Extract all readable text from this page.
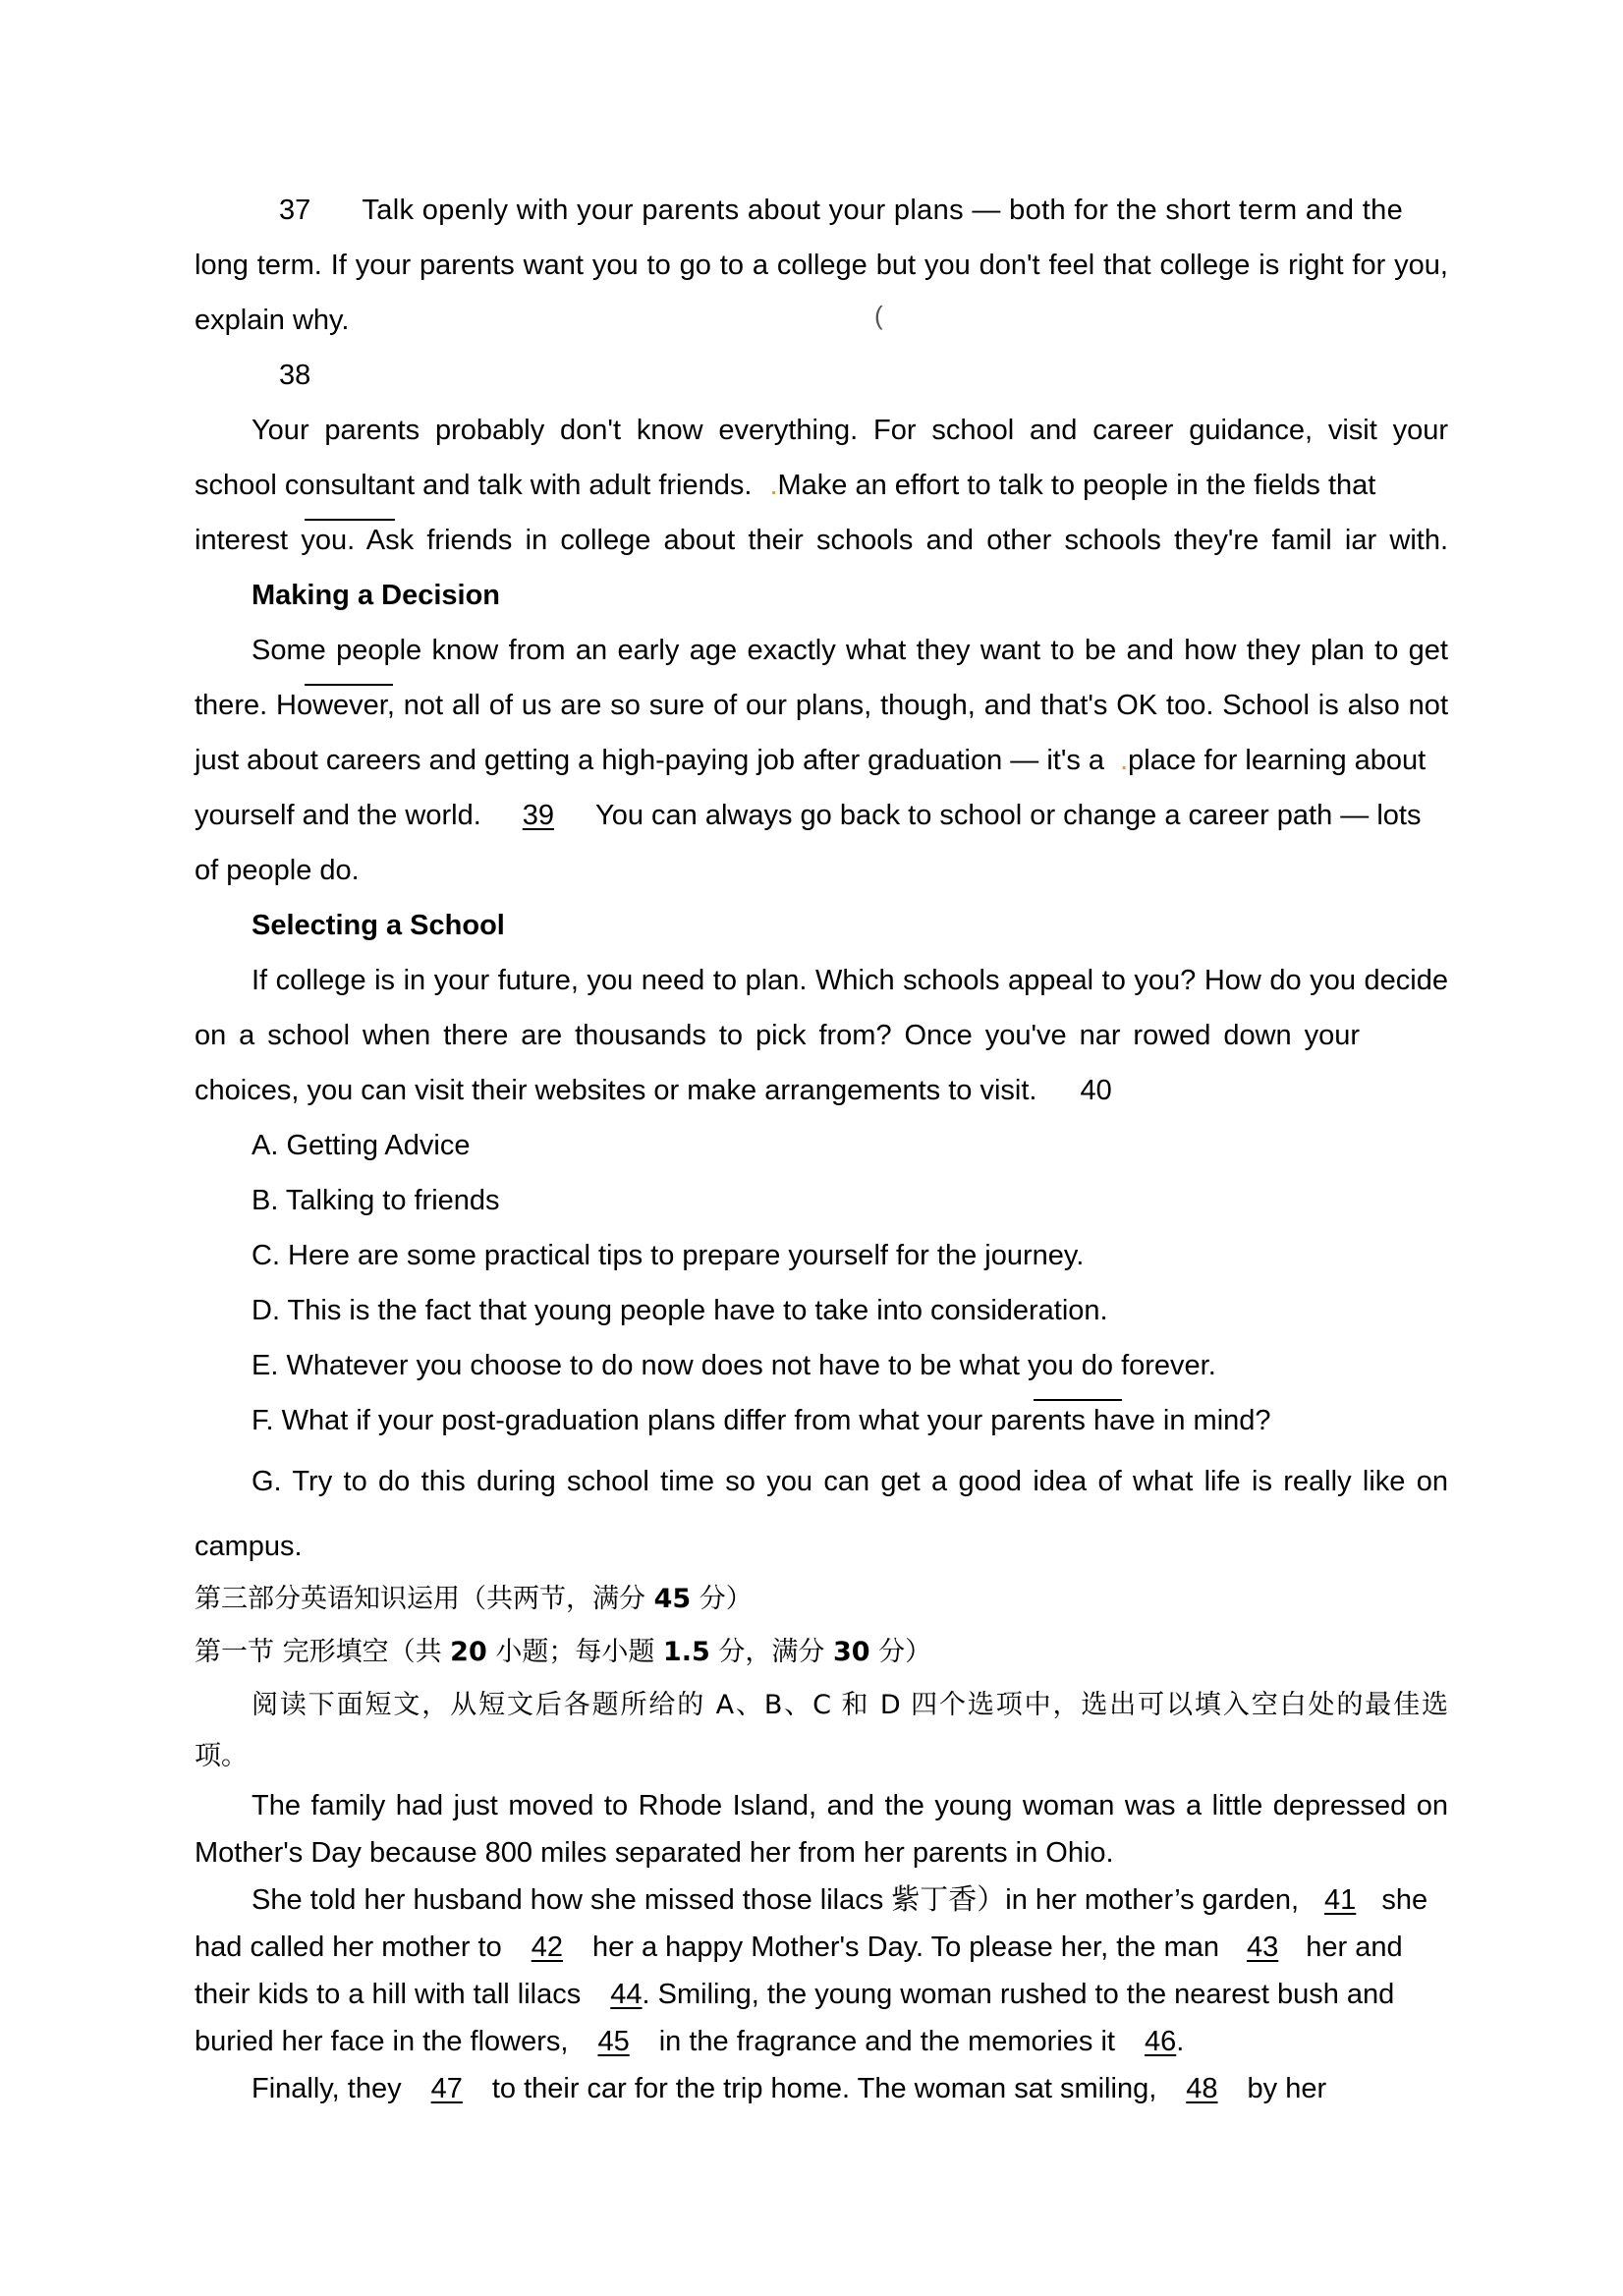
37 Talk openly with your parents about your plans — both for the short term and the
long term. If your parents want you to go to a college but you don't feel that college is right for you,
explain why.	(
38
Your parents probably don't know everything. For school and career guidance, visit your
school consultant and talk with adult friends. .Make an effort to talk to people in the fields that
interest you. Ask friends in college about their schools and other schools they're famil iar with.
Making a Decision
Some people know from an early age exactly what they want to be and how they plan to get
there. However, not all of us are so sure of our plans, though, and that's OK too. School is also not
just about careers and getting a high-paying job after graduation — it's a .place for learning about
yourself and the world. 39 You can always go back to school or change a career path — lots
of people do.
Selecting a School
If college is in your future, you need to plan. Which schools appeal to you? How do you decide
on a school when there are thousands to pick from? Once you've nar rowed down your
choices, you can visit their websites or make arrangements to visit. 40
A. Getting Advice
B. Talking to friends
C. Here are some practical tips to prepare yourself for the journey.
D. This is the fact that young people have to take into consideration.
E. Whatever you choose to do now does not have to be what you do forever.
F. What if your post-graduation plans differ from what your parents have in mind?
G. Try to do this during school time so you can get a good idea of what life is really like on
campus.
第三部分英语知识运用（共两节，满分 45 分）
第一节 完形填空（共 20 小题；每小题 1.5 分，满分 30 分）
阅读下面短文，从短文后各题所给的 A、B、C 和 D 四个选项中，选出可以填入空白处的最佳选
项。
The family had just moved to Rhode Island, and the young woman was a little depressed on
Mother's Day because 800 miles separated her from her parents in Ohio.
She told her husband how she missed those lilacs 紫丁香）in her mother’s garden, 41 she
had called her mother to 42 her a happy Mother's Day. To please her, the man 43 her and
their kids to a hill with tall lilacs 44. Smiling, the young woman rushed to the nearest bush and
buried her face in the flowers, 45 in the fragrance and the memories it 46.
Finally, they 47 to their car for the trip home. The woman sat smiling, 48 by her
